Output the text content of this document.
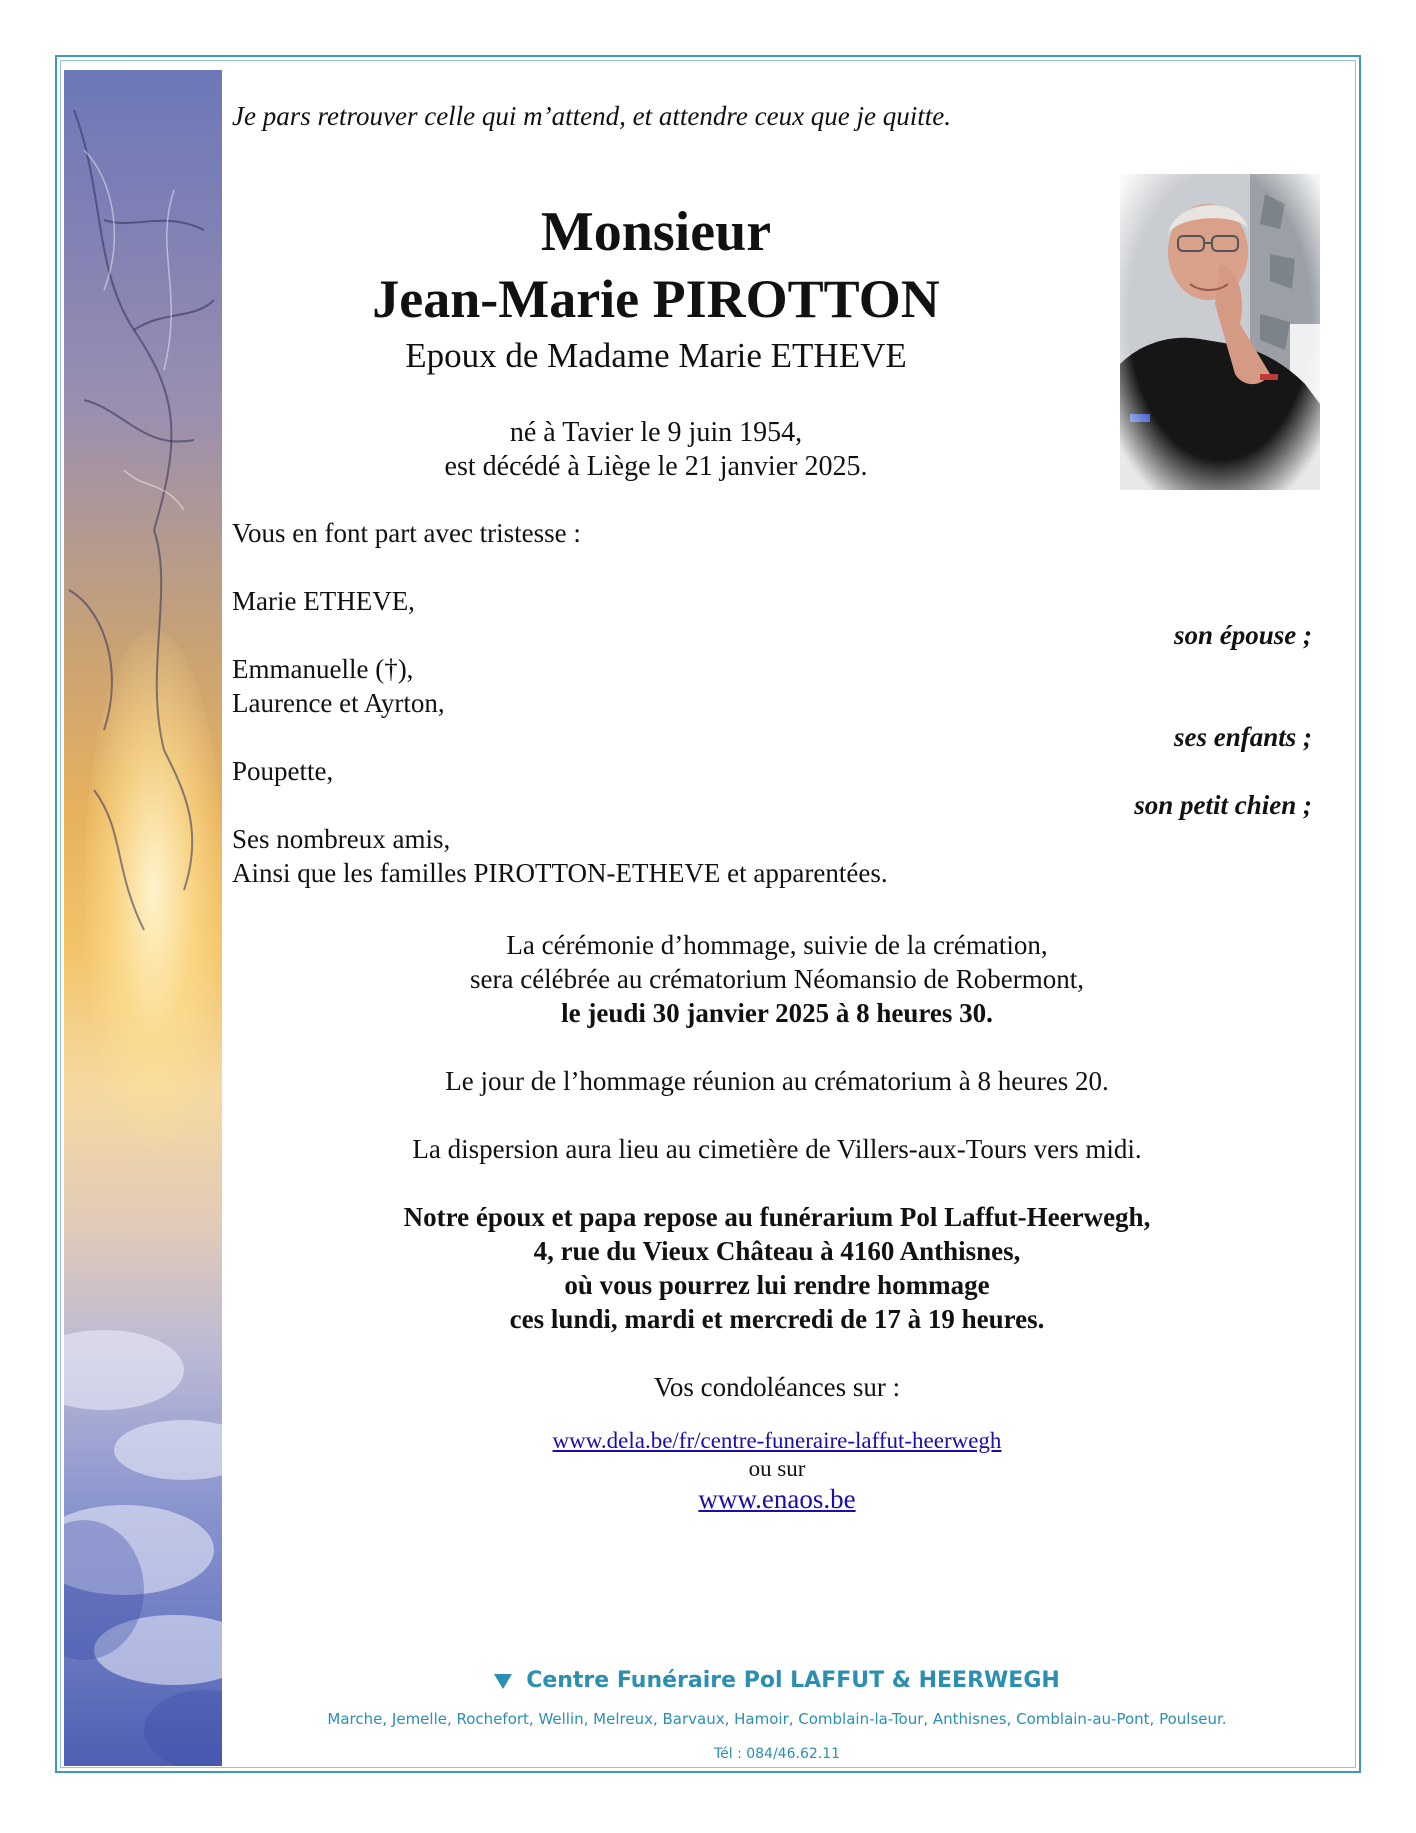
Je pars retrouver celle qui m’attend, et attendre ceux que je quitte.
Monsieur
Jean-Marie PIROTTON
Epoux de Madame Marie ETHEVE
né à Tavier le 9 juin 1954,
est décédé à Liège le 21 janvier 2025.
Vous en font part avec tristesse :
Marie ETHEVE,
son épouse ;
Emmanuelle (†),
Laurence et Ayrton,
ses enfants ;
Poupette,
son petit chien ;
Ses nombreux amis,
Ainsi que les familles PIROTTON-ETHEVE et apparentées.

La cérémonie d’hommage, suivie de la crémation,

sera célébrée au crématorium Néomansio de Robermont,

le jeudi 30 janvier 2025 à 8 heures 30.

Le jour de l’hommage réunion au crématorium à 8 heures 20.

La dispersion aura lieu au cimetière de Villers-aux-Tours vers midi.

Notre époux et papa repose au funérarium Pol Laffut-Heerwegh,

4, rue du Vieux Château à 4160 Anthisnes,

où vous pourrez lui rendre hommage

ces lundi, mardi et mercredi de 17 à 19 heures.

Vos condoléances sur :

www.dela.be/fr/centre-funeraire-laffut-heerwegh

ou sur

www.enaos.be

Centre Funéraire Pol LAFFUT & HEERWEGH
Marche, Jemelle, Rochefort, Wellin, Melreux, Barvaux, Hamoir, Comblain-la-Tour, Anthisnes, Comblain-au-Pont, Poulseur.
Tél : 084/46.62.11
